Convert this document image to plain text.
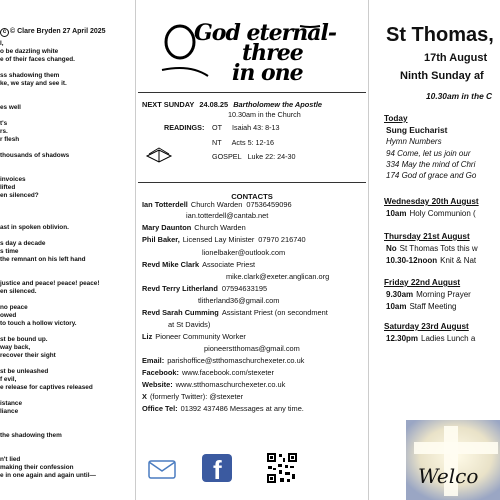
c © Clare Bryden 27 April 2025
l,
o be dazzling white
e of their faces changed.
ss shadowing them
ke, we stay and see it.
es well
t's
rs.
r flesh
thousands of shadows
invoices
lifted
en silenced?
ast in spoken oblivion.
s day a decade
s time
the remnant on his left hand
justice and peace! peace! peace!
en silenced.
no peace
owed
to touch a hollow victory.
st be bound up.
way back,
recover their sight
st be unleashed
f evil,
e release for captives released
istance
liance
the shadowing them
n't lied
making their confession
e in one again and again until—
God eternal-
three
in one
NEXT SUNDAY 24.08.25 Bartholomew the Apostle
10.30am in the Church
READINGS: OT Isaiah 43: 8-13
NT Acts 5: 12-16
GOSPEL Luke 22: 24-30
CONTACTS
Ian Totterdell Church Warden 07536459096
ian.totterdell@cantab.net
Mary Daunton Church Warden
Phil Baker, Licensed Lay Minister 07970 216740
lionelbaker@outlook.com
Revd Mike Clark Associate Priest
mike.clark@exeter.anglican.org
Revd Terry Litherland 07594633195
tlitherland36@gmail.com
Revd Sarah Cumming Assistant Priest (on secondment
at St Davids)
Liz Pioneer Community Worker
pioneerstthomas@gmail.com
Email: parishoffice@stthomaschurchexeter.co.uk
Facebook: www.facebook.com/stexeter
Website: www.stthomaschurchexeter.co.uk
X (formerly Twitter): @stexeter
Office Tel: 01392 437486 Messages at any time.
f
St Thomas,
17th August
Ninth Sunday af
10.30am in the C
Today
Sung Eucharist
Hymn Numbers
94 Come, let us join our
334 May the mind of Chri
174 God of grace and Go
Wednesday 20th August
10am Holy Communion (
Thursday 21st August
No St Thomas Tots this w
10.30-12noon Knit & Nat
Friday 22nd August
9.30am Morning Prayer
10am Staff Meeting
Saturday 23rd August
12.30pm Ladies Lunch a
Welco
